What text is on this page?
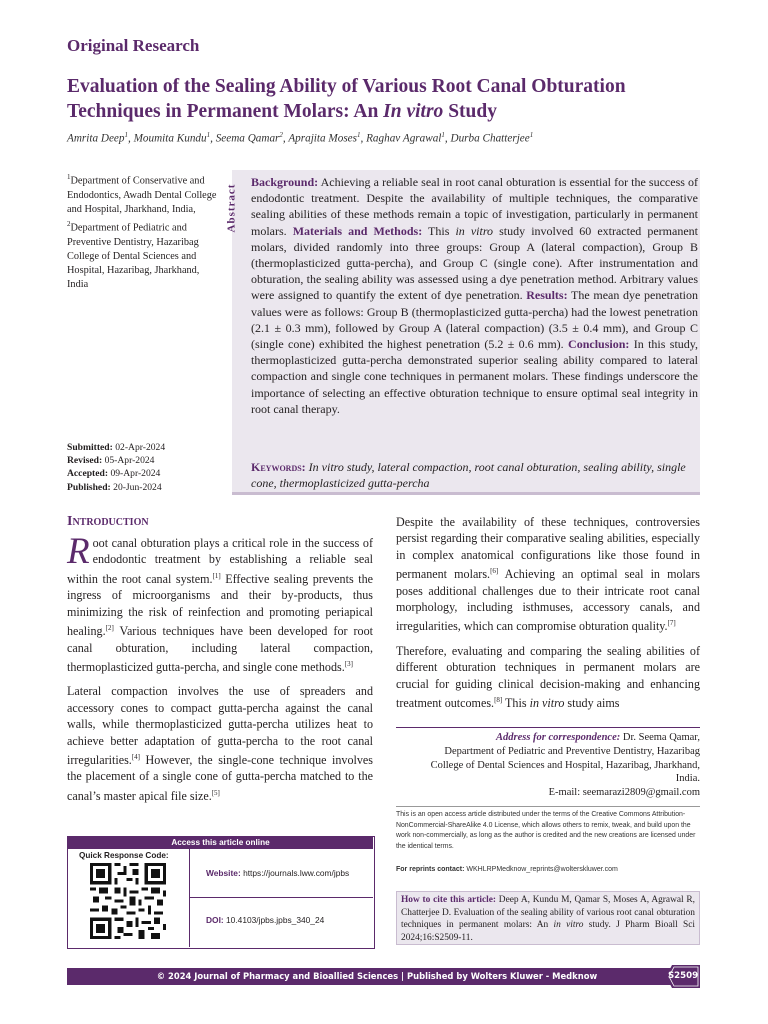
Original Research
Evaluation of the Sealing Ability of Various Root Canal Obturation Techniques in Permanent Molars: An In vitro Study
Amrita Deep$^1$, Moumita Kundu$^1$, Seema Qamar$^2$, Aprajita Moses$^1$, Raghav Agrawal$^1$, Durba Chatterjee$^1$
$^1$Department of Conservative and Endodontics, Awadh Dental College and Hospital, Jharkhand, India,
$^2$Department of Pediatric and Preventive Dentistry, Hazaribag College of Dental Sciences and Hospital, Hazaribag, Jharkhand, India
Submitted: 02-Apr-2024
Revised: 05-Apr-2024
Accepted: 09-Apr-2024
Published: 20-Jun-2024
Abstract
Background: Achieving a reliable seal in root canal obturation is essential for the success of endodontic treatment. Despite the availability of multiple techniques, the comparative sealing abilities of these methods remain a topic of investigation, particularly in permanent molars. Materials and Methods: This in vitro study involved 60 extracted permanent molars, divided randomly into three groups: Group A (lateral compaction), Group B (thermoplasticized gutta-percha), and Group C (single cone). After instrumentation and obturation, the sealing ability was assessed using a dye penetration method. Arbitrary values were assigned to quantify the extent of dye penetration. Results: The mean dye penetration values were as follows: Group B (thermoplasticized gutta-percha) had the lowest penetration (2.1 ± 0.3 mm), followed by Group A (lateral compaction) (3.5 ± 0.4 mm), and Group C (single cone) exhibited the highest penetration (5.2 ± 0.6 mm). Conclusion: In this study, thermoplasticized gutta-percha demonstrated superior sealing ability compared to lateral compaction and single cone techniques in permanent molars. These findings underscore the importance of selecting an effective obturation technique to ensure optimal seal integrity in root canal therapy.
Keywords: In vitro study, lateral compaction, root canal obturation, sealing ability, single cone, thermoplasticized gutta-percha
Introduction

Root canal obturation plays a critical role in the success of endodontic treatment by establishing a reliable seal within the root canal system.[1] Effective sealing prevents the ingress of microorganisms and their by-products, thus minimizing the risk of reinfection and promoting periapical healing.[2] Various techniques have been developed for root canal obturation, including lateral compaction, thermoplasticized gutta-percha, and single cone methods.[3]

Lateral compaction involves the use of spreaders and accessory cones to compact gutta-percha against the canal walls, while thermoplasticized gutta-percha utilizes heat to achieve better adaptation of gutta-percha to the root canal irregularities.[4] However, the single-cone technique involves the placement of a single cone of gutta-percha matched to the canal’s master apical file size.[5]

Despite the availability of these techniques, controversies persist regarding their comparative sealing abilities, especially in complex anatomical configurations like those found in permanent molars.[6] Achieving an optimal seal in molars poses additional challenges due to their intricate root canal morphology, including isthmuses, accessory canals, and irregularities, which can compromise obturation quality.[7]

Therefore, evaluating and comparing the sealing abilities of different obturation techniques in permanent molars are crucial for guiding clinical decision-making and enhancing treatment outcomes.[8] This in vitro study aims

Address for correspondence: Dr. Seema Qamar,
Department of Pediatric and Preventive Dentistry, Hazaribag
College of Dental Sciences and Hospital, Hazaribag, Jharkhand,
India.
E-mail: seemarazi2809@gmail.com
This is an open access article distributed under the terms of the Creative Commons Attribution-NonCommercial-ShareAlike 4.0 License, which allows others to remix, tweak, and build upon the work non-commercially, as long as the author is credited and the new creations are licensed under the identical terms.
For reprints contact: WKHLRPMedknow_reprints@wolterskluwer.com
How to cite this article: Deep A, Kundu M, Qamar S, Moses A, Agrawal R, Chatterjee D. Evaluation of the sealing ability of various root canal obturation techniques in permanent molars: An in vitro study. J Pharm Bioall Sci 2024;16:S2509-11.
Access this article online
Quick Response Code:
Website: https://journals.lww.com/jpbs
DOI: 10.4103/jpbs.jpbs_340_24
© 2024 Journal of Pharmacy and Bioallied Sciences | Published by Wolters Kluwer - Medknow	S2509
